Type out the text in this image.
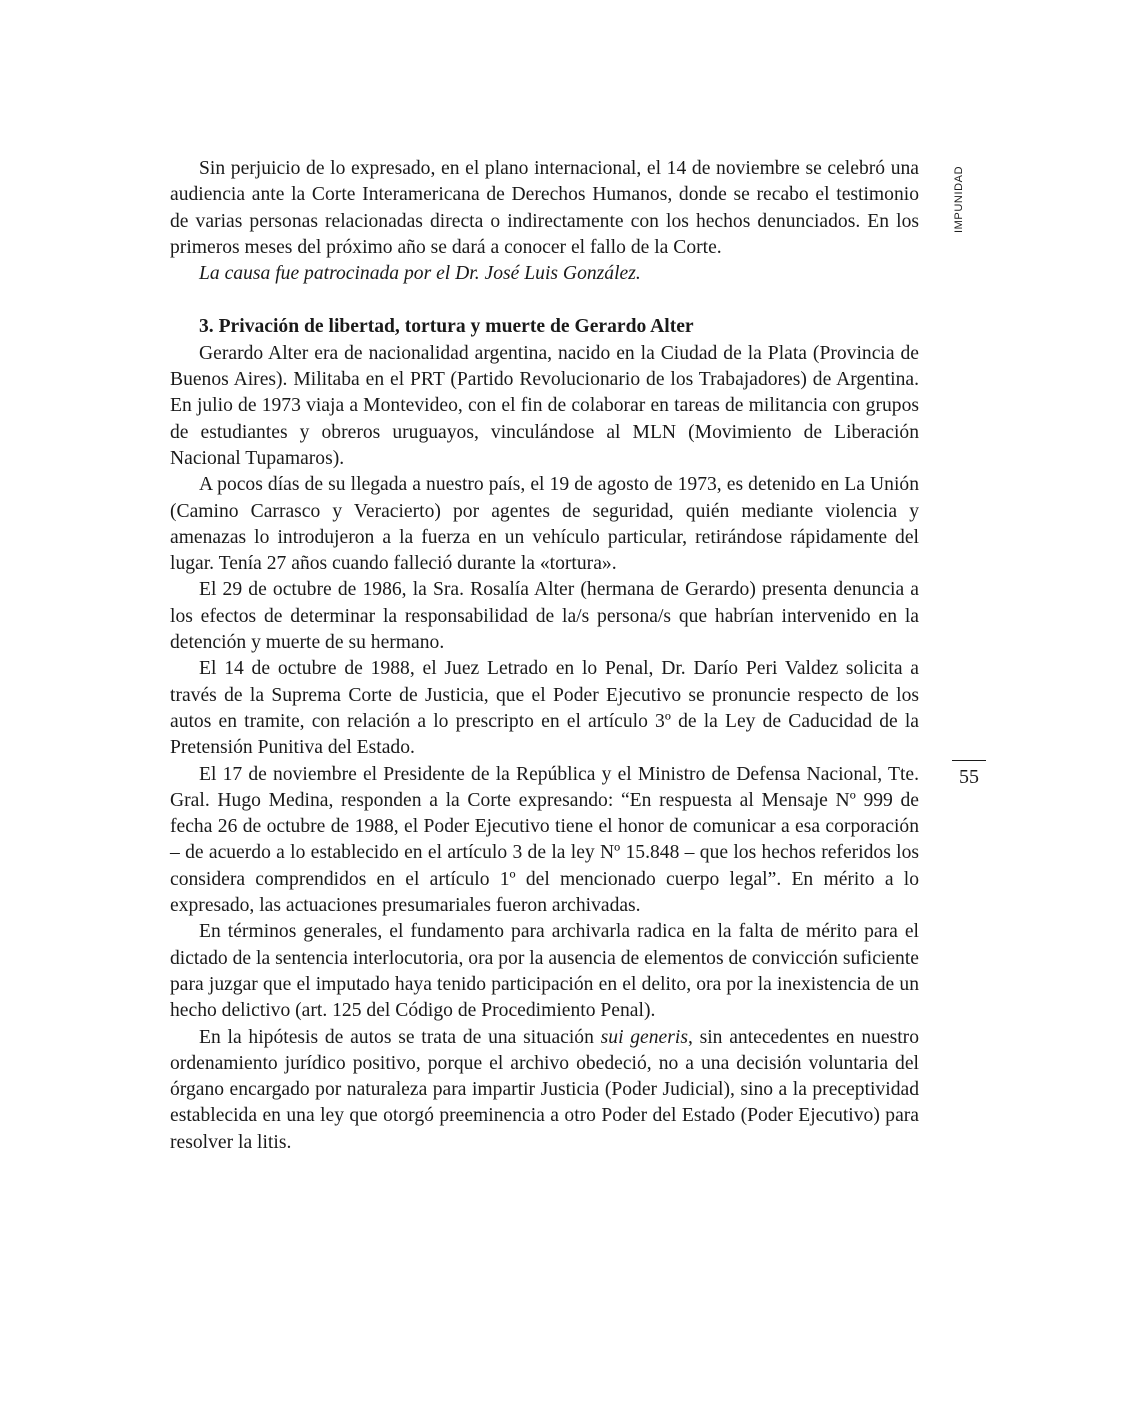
Sin perjuicio de lo expresado, en el plano internacional, el 14 de noviembre se celebró una audiencia ante la Corte Interamericana de Derechos Humanos, donde se recabo el testimonio de varias personas relacionadas directa o indirectamente con los hechos denunciados. En los primeros meses del próximo año se dará a conocer el fallo de la Corte.

La causa fue patrocinada por el Dr. José Luis González.

3. Privación de libertad, tortura y muerte de Gerardo Alter

Gerardo Alter era de nacionalidad argentina, nacido en la Ciudad de la Plata (Provincia de Buenos Aires). Militaba en el PRT (Partido Revolucionario de los Trabajadores) de Argentina. En julio de 1973 viaja a Montevideo, con el fin de colaborar en tareas de militancia con grupos de estudiantes y obreros uruguayos, vinculándose al MLN (Movimiento de Liberación Nacional Tupamaros).

A pocos días de su llegada a nuestro país, el 19 de agosto de 1973, es detenido en La Unión (Camino Carrasco y Veracierto) por agentes de seguridad, quién mediante violencia y amenazas lo introdujeron a la fuerza en un vehículo particular, retirándose rápidamente del lugar. Tenía 27 años cuando falleció durante la «tortura».

El 29 de octubre de 1986, la Sra. Rosalía Alter (hermana de Gerardo) presenta denuncia a los efectos de determinar la responsabilidad de la/s persona/s que habrían intervenido en la detención y muerte de su hermano.

El 14 de octubre de 1988, el Juez Letrado en lo Penal, Dr. Darío Peri Valdez solicita a través de la Suprema Corte de Justicia, que el Poder Ejecutivo se pronuncie respecto de los autos en tramite, con relación a lo prescripto en el artículo 3º de la Ley de Caducidad de la Pretensión Punitiva del Estado.

El 17 de noviembre el Presidente de la República y el Ministro de Defensa Nacional, Tte. Gral. Hugo Medina, responden a la Corte expresando: “En respuesta al Mensaje Nº 999 de fecha 26 de octubre de 1988, el Poder Ejecutivo tiene el honor de comunicar a esa corporación – de acuerdo a lo establecido en el artículo 3 de la ley Nº 15.848 – que los hechos referidos los considera comprendidos en el artículo 1º del mencionado cuerpo legal”. En mérito a lo expresado, las actuaciones presumariales fueron archivadas.

En términos generales, el fundamento para archivarla radica en la falta de mérito para el dictado de la sentencia interlocutoria, ora por la ausencia de elementos de convicción suficiente para juzgar que el imputado haya tenido participación en el delito, ora por la inexistencia de un hecho delictivo (art. 125 del Código de Procedimiento Penal).

En la hipótesis de autos se trata de una situación sui generis, sin antecedentes en nuestro ordenamiento jurídico positivo, porque el archivo obedeció, no a una decisión voluntaria del órgano encargado por naturaleza para impartir Justicia (Poder Judicial), sino a la preceptividad establecida en una ley que otorgó preeminencia a otro Poder del Estado (Poder Ejecutivo) para resolver la litis.

IMPUNIDAD
55
